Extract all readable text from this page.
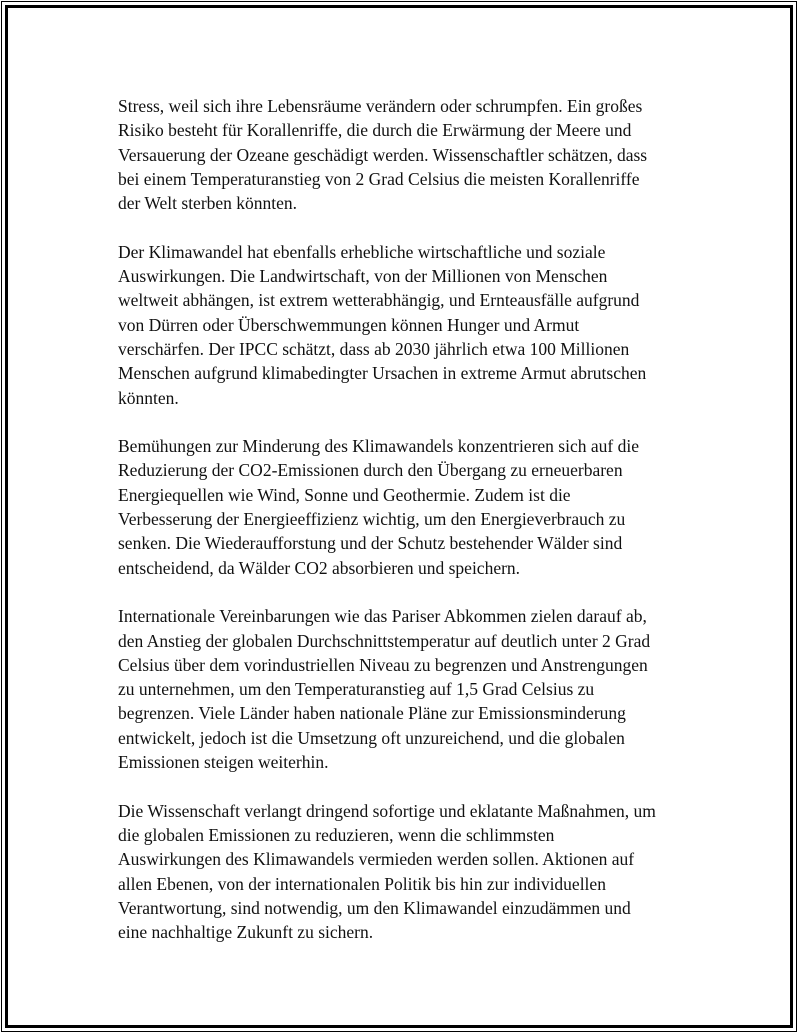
Stress, weil sich ihre Lebensräume verändern oder schrumpfen. Ein großes
Risiko besteht für Korallenriffe, die durch die Erwärmung der Meere und
Versauerung der Ozeane geschädigt werden. Wissenschaftler schätzen, dass
bei einem Temperaturanstieg von 2 Grad Celsius die meisten Korallenriffe
der Welt sterben könnten.

Der Klimawandel hat ebenfalls erhebliche wirtschaftliche und soziale
Auswirkungen. Die Landwirtschaft, von der Millionen von Menschen
weltweit abhängen, ist extrem wetterabhängig, und Ernteausfälle aufgrund
von Dürren oder Überschwemmungen können Hunger und Armut
verschärfen. Der IPCC schätzt, dass ab 2030 jährlich etwa 100 Millionen
Menschen aufgrund klimabedingter Ursachen in extreme Armut abrutschen
könnten.

Bemühungen zur Minderung des Klimawandels konzentrieren sich auf die
Reduzierung der CO2-Emissionen durch den Übergang zu erneuerbaren
Energiequellen wie Wind, Sonne und Geothermie. Zudem ist die
Verbesserung der Energieeffizienz wichtig, um den Energieverbrauch zu
senken. Die Wiederaufforstung und der Schutz bestehender Wälder sind
entscheidend, da Wälder CO2 absorbieren und speichern.

Internationale Vereinbarungen wie das Pariser Abkommen zielen darauf ab,
den Anstieg der globalen Durchschnittstemperatur auf deutlich unter 2 Grad
Celsius über dem vorindustriellen Niveau zu begrenzen und Anstrengungen
zu unternehmen, um den Temperaturanstieg auf 1,5 Grad Celsius zu
begrenzen. Viele Länder haben nationale Pläne zur Emissionsminderung
entwickelt, jedoch ist die Umsetzung oft unzureichend, und die globalen
Emissionen steigen weiterhin.

Die Wissenschaft verlangt dringend sofortige und eklatante Maßnahmen, um
die globalen Emissionen zu reduzieren, wenn die schlimmsten
Auswirkungen des Klimawandels vermieden werden sollen. Aktionen auf
allen Ebenen, von der internationalen Politik bis hin zur individuellen
Verantwortung, sind notwendig, um den Klimawandel einzudämmen und
eine nachhaltige Zukunft zu sichern.
